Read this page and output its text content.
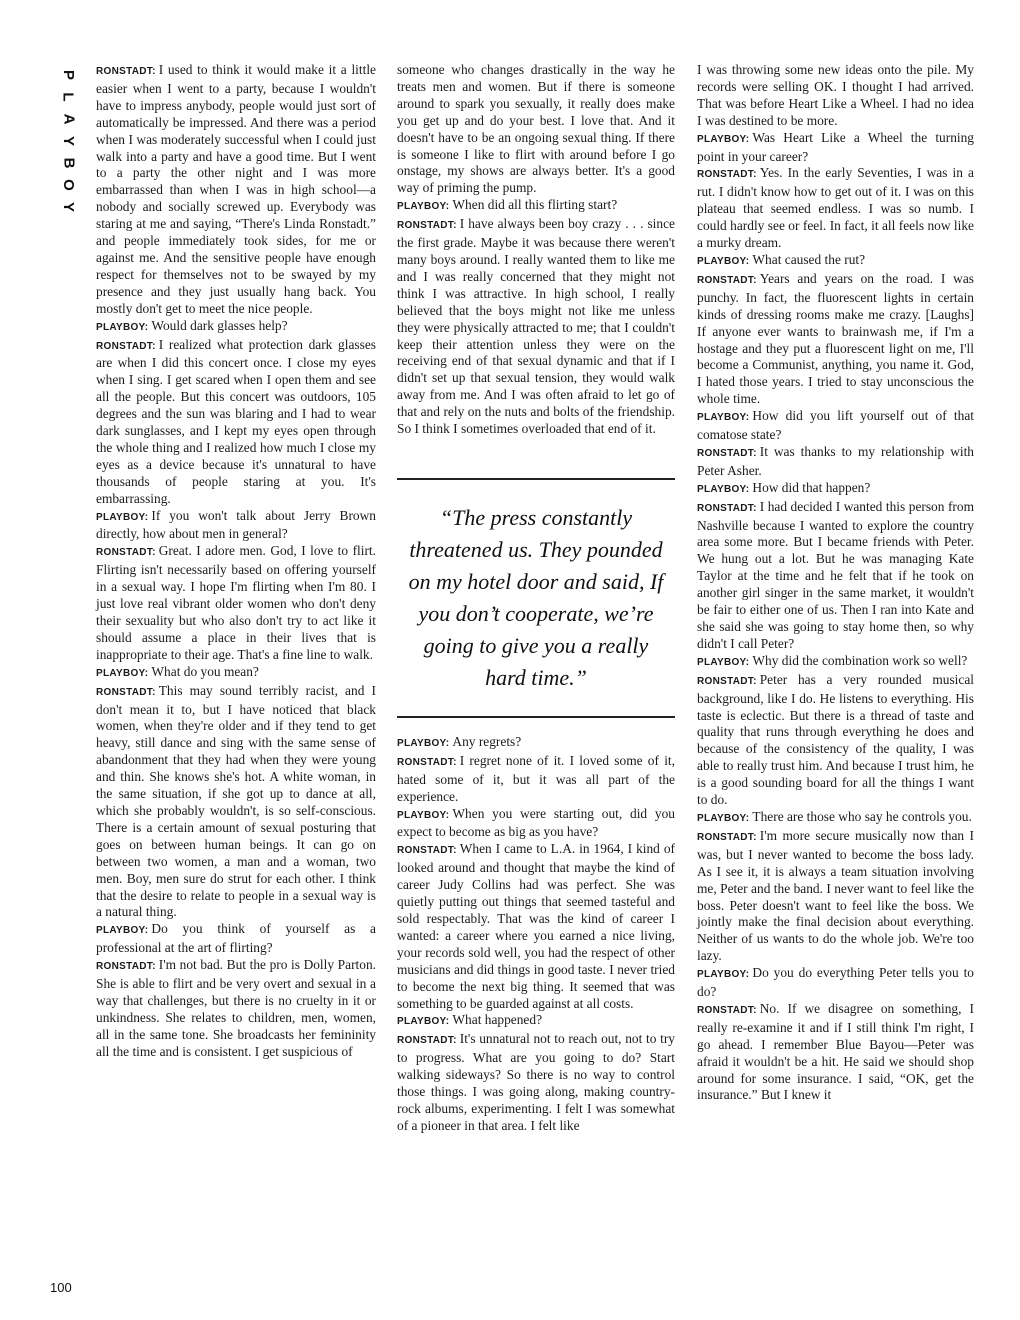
P
L
A
Y
B
O
Y

RONSTADT: I used to think it would make it a little easier when I went to a party, because I wouldn't have to impress anybody, people would just sort of automatically be impressed. And there was a period when I was moderately successful when I could just walk into a party and have a good time. But I went to a party the other night and I was more embarrassed than when I was in high school—a nobody and socially screwed up. Everybody was staring at me and saying, “There's Linda Ronstadt.” and people immediately took sides, for me or against me. And the sensitive people have enough respect for themselves not to be swayed by my presence and they just usually hang back. You mostly don't get to meet the nice people.

PLAYBOY: Would dark glasses help?

RONSTADT: I realized what protection dark glasses are when I did this concert once. I close my eyes when I sing. I get scared when I open them and see all the people. But this concert was outdoors, 105 degrees and the sun was blaring and I had to wear dark sunglasses, and I kept my eyes open through the whole thing and I realized how much I close my eyes as a device because it's unnatural to have thousands of people staring at you. It's embarrassing.

PLAYBOY: If you won't talk about Jerry Brown directly, how about men in general?

RONSTADT: Great. I adore men. God, I love to flirt. Flirting isn't necessarily based on offering yourself in a sexual way. I hope I'm flirting when I'm 80. I just love real vibrant older women who don't deny their sexuality but who also don't try to act like it should assume a place in their lives that is inappropriate to their age. That's a fine line to walk.

PLAYBOY: What do you mean?

RONSTADT: This may sound terribly racist, and I don't mean it to, but I have noticed that black women, when they're older and if they tend to get heavy, still dance and sing with the same sense of abandonment that they had when they were young and thin. She knows she's hot. A white woman, in the same situation, if she got up to dance at all, which she probably wouldn't, is so self-conscious. There is a certain amount of sexual posturing that goes on between human beings. It can go on between two women, a man and a woman, two men. Boy, men sure do strut for each other. I think that the desire to relate to people in a sexual way is a natural thing.

PLAYBOY: Do you think of yourself as a professional at the art of flirting?

RONSTADT: I'm not bad. But the pro is Dolly Parton. She is able to flirt and be very overt and sexual in a way that challenges, but there is no cruelty in it or unkindness. She relates to children, men, women, all in the same tone. She broadcasts her femininity all the time and is consistent. I get suspicious of

someone who changes drastically in the way he treats men and women. But if there is someone around to spark you sexually, it really does make you get up and do your best. I love that. And it doesn't have to be an ongoing sexual thing. If there is someone I like to flirt with around before I go onstage, my shows are always better. It's a good way of priming the pump.

PLAYBOY: When did all this flirting start?

RONSTADT: I have always been boy crazy . . . since the first grade. Maybe it was because there weren't many boys around. I really wanted them to like me and I was really concerned that they might not think I was attractive. In high school, I really believed that the boys might not like me unless they were physically attracted to me; that I couldn't keep their attention unless they were on the receiving end of that sexual dynamic and that if I didn't set up that sexual tension, they would walk away from me. And I was often afraid to let go of that and rely on the nuts and bolts of the friendship. So I think I sometimes overloaded that end of it.

“The press constantly threatened us. They pounded on my hotel door and said, If you don’t cooperate, we’re going to give you a really hard time.”

PLAYBOY: Any regrets?

RONSTADT: I regret none of it. I loved some of it, hated some of it, but it was all part of the experience.

PLAYBOY: When you were starting out, did you expect to become as big as you have?

RONSTADT: When I came to L.A. in 1964, I kind of looked around and thought that maybe the kind of career Judy Collins had was perfect. She was quietly putting out things that seemed tasteful and sold respectably. That was the kind of career I wanted: a career where you earned a nice living, your records sold well, you had the respect of other musicians and did things in good taste. I never tried to become the next big thing. It seemed that was something to be guarded against at all costs.

PLAYBOY: What happened?

RONSTADT: It's unnatural not to reach out, not to try to progress. What are you going to do? Start walking sideways? So there is no way to control those things. I was going along, making country-rock albums, experimenting. I felt I was somewhat of a pioneer in that area. I felt like

I was throwing some new ideas onto the pile. My records were selling OK. I thought I had arrived. That was before Heart Like a Wheel. I had no idea I was destined to be more.

PLAYBOY: Was Heart Like a Wheel the turning point in your career?

RONSTADT: Yes. In the early Seventies, I was in a rut. I didn't know how to get out of it. I was on this plateau that seemed endless. I was so numb. I could hardly see or feel. In fact, it all feels now like a murky dream.

PLAYBOY: What caused the rut?

RONSTADT: Years and years on the road. I was punchy. In fact, the fluorescent lights in certain kinds of dressing rooms make me crazy. [Laughs] If anyone ever wants to brainwash me, if I'm a hostage and they put a fluorescent light on me, I'll become a Communist, anything, you name it. God, I hated those years. I tried to stay unconscious the whole time.

PLAYBOY: How did you lift yourself out of that comatose state?

RONSTADT: It was thanks to my relationship with Peter Asher.

PLAYBOY: How did that happen?

RONSTADT: I had decided I wanted this person from Nashville because I wanted to explore the country area some more. But I became friends with Peter. We hung out a lot. But he was managing Kate Taylor at the time and he felt that if he took on another girl singer in the same market, it wouldn't be fair to either one of us. Then I ran into Kate and she said she was going to stay home then, so why didn't I call Peter?

PLAYBOY: Why did the combination work so well?

RONSTADT: Peter has a very rounded musical background, like I do. He listens to everything. His taste is eclectic. But there is a thread of taste and quality that runs through everything he does and because of the consistency of the quality, I was able to really trust him. And because I trust him, he is a good sounding board for all the things I want to do.

PLAYBOY: There are those who say he controls you.

RONSTADT: I'm more secure musically now than I was, but I never wanted to become the boss lady. As I see it, it is always a team situation involving me, Peter and the band. I never want to feel like the boss. Peter doesn't want to feel like the boss. We jointly make the final decision about everything. Neither of us wants to do the whole job. We're too lazy.

PLAYBOY: Do you do everything Peter tells you to do?

RONSTADT: No. If we disagree on something, I really re-examine it and if I still think I'm right, I go ahead. I remember Blue Bayou—Peter was afraid it wouldn't be a hit. He said we should shop around for some insurance. I said, “OK, get the insurance.” But I knew it

100
